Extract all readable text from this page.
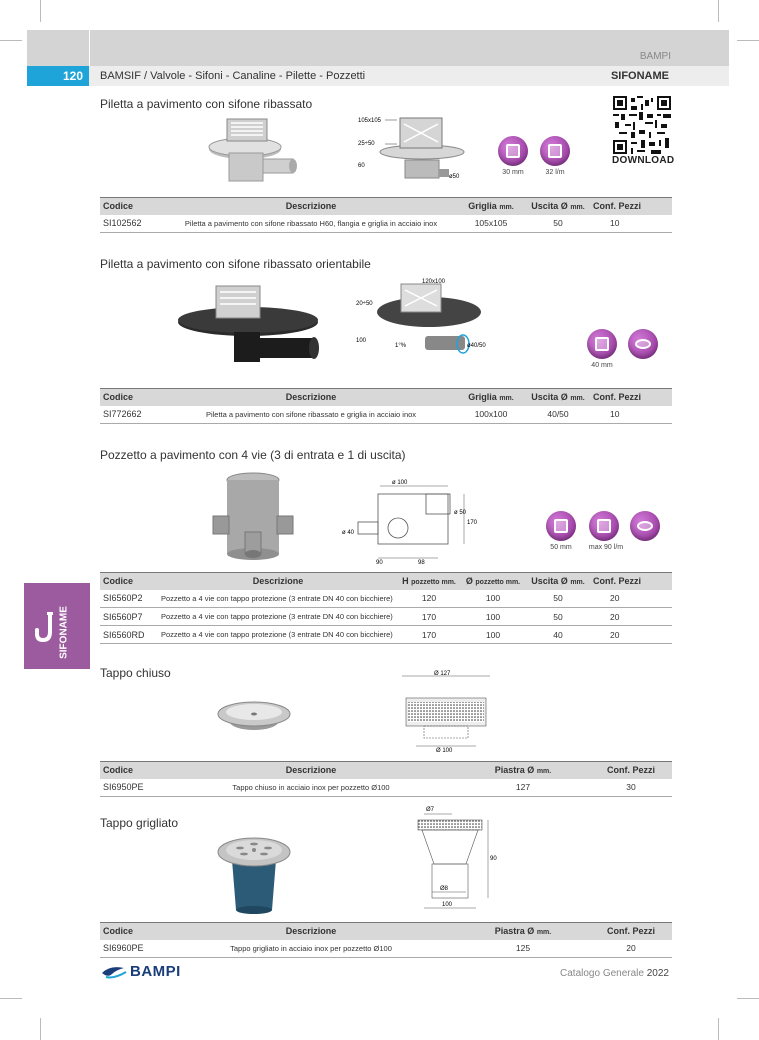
BAMPI
120	BAMSIF / Valvole - Sifoni - Canaline - Pilette - Pozzetti	SIFONAME
DOWNLOAD
SIFONAME
Piletta a pavimento con sifone ribassato
105x105
25÷50
60
ø50
30 mm	32 l/m
Codice	Descrizione	Griglia mm.	Uscita Ø mm.	Conf. Pezzi
SI102562	Piletta a pavimento con sifone ribassato H60, flangia e griglia in acciaio inox	105x105	50	10
Piletta a pavimento con sifone ribassato orientabile
120x100
20÷50
100
1°%	ø40/50
40 mm
Codice	Descrizione	Griglia mm.	Uscita Ø mm.	Conf. Pezzi
SI772662	Piletta a pavimento con sifone ribassato e griglia in acciaio inox	100x100	40/50	10
Pozzetto a pavimento con 4 vie (3 di entrata e 1 di uscita)
ø 100
ø 50
170
ø 40
90	98
50 mm	max 90 l/m
Codice	Descrizione	H pozzetto mm.	Ø pozzetto mm.	Uscita Ø mm.	Conf. Pezzi
SI6560P2	Pozzetto a 4 vie con tappo protezione (3 entrate DN 40 con bicchiere)	120	100	50	20
SI6560P7	Pozzetto a 4 vie con tappo protezione (3 entrate DN 40 con bicchiere)	170	100	50	20
SI6560RD	Pozzetto a 4 vie con tappo protezione (3 entrate DN 40 con bicchiere)	170	100	40	20
Tappo chiuso	Ø 127
Ø 100
Codice	Descrizione	Piastra Ø mm.	Conf. Pezzi
SI6950PE	Tappo chiuso in acciaio inox per pozzetto Ø100	127	30
Tappo grigliato
Ø7
90
Ø8
100
Codice	Descrizione	Piastra Ø mm.	Conf. Pezzi
SI6960PE	Tappo grigliato in acciaio inox per pozzetto Ø100	125	20
BAMPI	Catalogo Generale 2022
